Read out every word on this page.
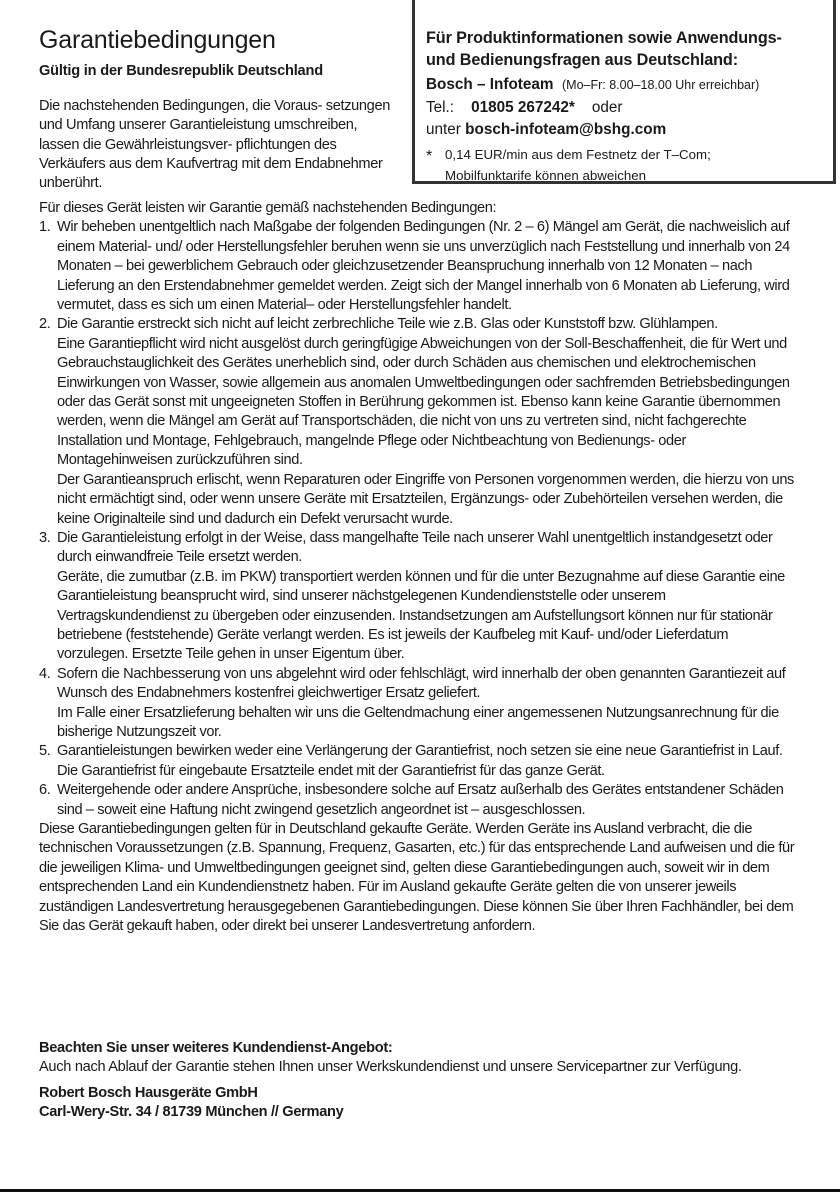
Garantiebedingungen
Gültig in der Bundesrepublik Deutschland

Die nachstehenden Bedingungen, die Voraus- setzungen und Umfang unserer Garantieleistung umschreiben, lassen die Gewährleistungsver- pflichtungen des Verkäufers aus dem Kaufvertrag mit dem Endabnehmer unberührt.

Für Produktinformationen sowie Anwendungs-
und Bedienungsfragen aus Deutschland:
Bosch – Infoteam (Mo–Fr: 8.00–18.00 Uhr erreichbar)
Tel.: 01805 267242* oder
unter bosch-infoteam@bshg.com
* 0,14 EUR/min aus dem Festnetz der T–Com;
Mobilfunktarife können abweichen

Für dieses Gerät leisten wir Garantie gemäß nachstehenden Bedingungen:

1. Wir beheben unentgeltlich nach Maßgabe der folgenden Bedingungen (Nr. 2 – 6) Mängel am Gerät, die nachweislich auf einem Material- und/ oder Herstellungsfehler beruhen wenn sie uns unverzüglich nach Feststellung und innerhalb von 24 Monaten – bei gewerblichem Gebrauch oder gleichzusetzender Beanspruchung innerhalb von 12 Monaten – nach Lieferung an den Erstendabnehmer gemeldet werden. Zeigt sich der Mangel innerhalb von 6 Monaten ab Lieferung, wird vermutet, dass es sich um einen Material– oder Herstellungsfehler handelt.
2. Die Garantie erstreckt sich nicht auf leicht zerbrechliche Teile wie z.B. Glas oder Kunststoff bzw. Glühlampen.
Eine Garantiepflicht wird nicht ausgelöst durch geringfügige Abweichungen von der Soll-Beschaffenheit, die für Wert und Gebrauchstauglichkeit des Gerätes unerheblich sind, oder durch Schäden aus chemischen und elektrochemischen Einwirkungen von Wasser, sowie allgemein aus anomalen Umweltbedingungen oder sachfremden Betriebsbedingungen oder das Gerät sonst mit ungeeigneten Stoffen in Berührung gekommen ist. Ebenso kann keine Garantie übernommen werden, wenn die Mängel am Gerät auf Transportschäden, die nicht von uns zu vertreten sind, nicht fachgerechte Installation und Montage, Fehlgebrauch, mangelnde Pflege oder Nichtbeachtung von Bedienungs- oder Montagehinweisen zurückzuführen sind.
Der Garantieanspruch erlischt, wenn Reparaturen oder Eingriffe von Personen vorgenommen werden, die hierzu von uns nicht ermächtigt sind, oder wenn unsere Geräte mit Ersatzteilen, Ergänzungs- oder Zubehörteilen versehen werden, die keine Originalteile sind und dadurch ein Defekt verursacht wurde.
3. Die Garantieleistung erfolgt in der Weise, dass mangelhafte Teile nach unserer Wahl unentgeltlich instandgesetzt oder durch einwandfreie Teile ersetzt werden.
Geräte, die zumutbar (z.B. im PKW) transportiert werden können und für die unter Bezugnahme auf diese Garantie eine Garantieleistung beansprucht wird, sind unserer nächstgelegenen Kundendienststelle oder unserem Vertragskundendienst zu übergeben oder einzusenden. Instandsetzungen am Aufstellungsort können nur für stationär betriebene (feststehende) Geräte verlangt werden. Es ist jeweils der Kaufbeleg mit Kauf- und/oder Lieferdatum vorzulegen. Ersetzte Teile gehen in unser Eigentum über.
4. Sofern die Nachbesserung von uns abgelehnt wird oder fehlschlägt, wird innerhalb der oben genannten Garantiezeit auf Wunsch des Endabnehmers kostenfrei gleichwertiger Ersatz geliefert.
Im Falle einer Ersatzlieferung behalten wir uns die Geltendmachung einer angemessenen Nutzungsanrechnung für die bisherige Nutzungszeit vor.
5. Garantieleistungen bewirken weder eine Verlängerung der Garantiefrist, noch setzen sie eine neue Garantiefrist in Lauf. Die Garantiefrist für eingebaute Ersatzteile endet mit der Garantiefrist für das ganze Gerät.
6. Weitergehende oder andere Ansprüche, insbesondere solche auf Ersatz außerhalb des Gerätes entstandener Schäden sind – soweit eine Haftung nicht zwingend gesetzlich angeordnet ist – ausgeschlossen.

Diese Garantiebedingungen gelten für in Deutschland gekaufte Geräte. Werden Geräte ins Ausland verbracht, die die technischen Voraussetzungen (z.B. Spannung, Frequenz, Gasarten, etc.) für das entsprechende Land aufweisen und die für die jeweiligen Klima- und Umweltbedingungen geeignet sind, gelten diese Garantiebedingungen auch, soweit wir in dem entsprechenden Land ein Kundendienstnetz haben. Für im Ausland gekaufte Geräte gelten die von unserer jeweils zuständigen Landesvertretung herausgegebenen Garantiebedingungen. Diese können Sie über Ihren Fachhändler, bei dem Sie das Gerät gekauft haben, oder direkt bei unserer Landesvertretung anfordern.

Beachten Sie unser weiteres Kundendienst-Angebot:

Auch nach Ablauf der Garantie stehen Ihnen unser Werkskundendienst und unsere Servicepartner zur Verfügung.

Robert Bosch Hausgeräte GmbH

Carl-Wery-Str. 34 / 81739 München // Germany
